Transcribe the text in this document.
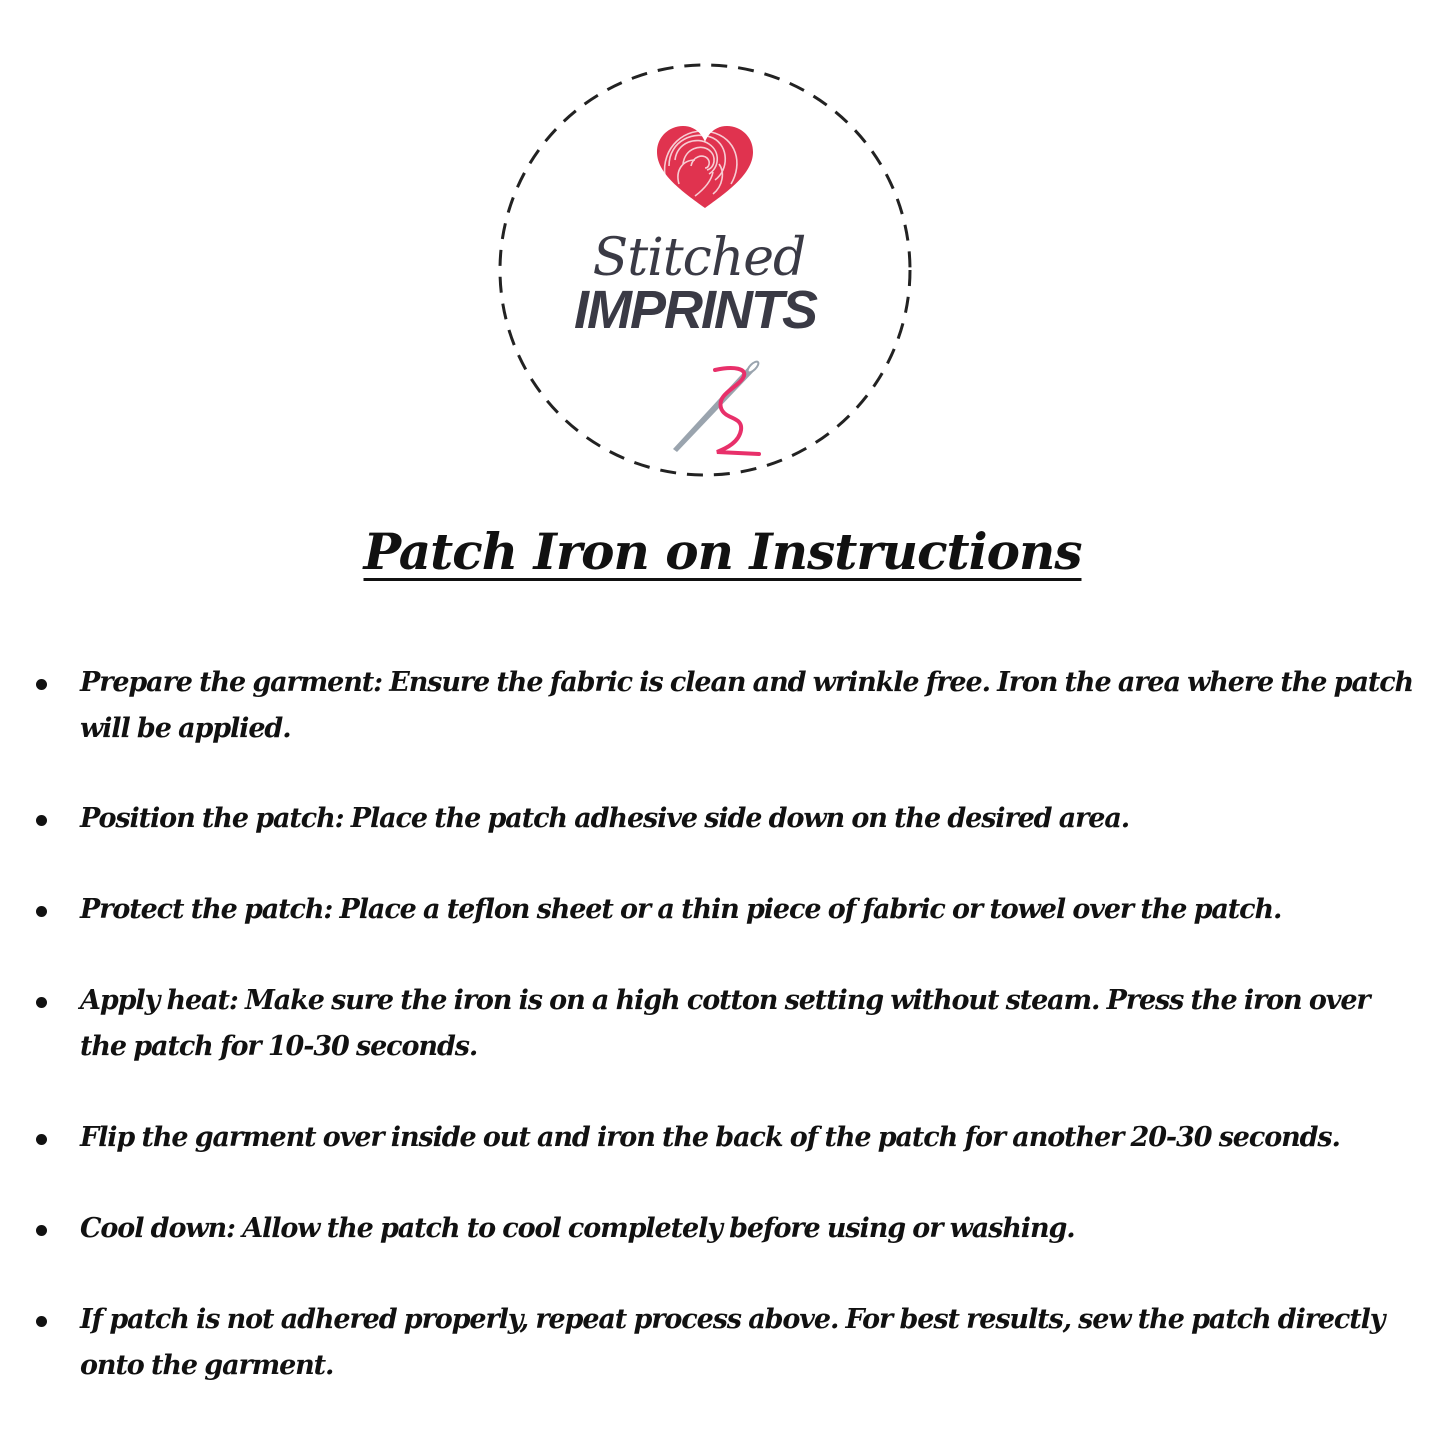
Stitched
IMPRINTS
Patch Iron on Instructions
Prepare the garment: Ensure the fabric is clean and wrinkle free. Iron the area where the patch will be applied.
Position the patch: Place the patch adhesive side down on the desired area.
Protect the patch: Place a teflon sheet or a thin piece of fabric or towel over the patch.
Apply heat: Make sure the iron is on a high cotton setting without steam. Press the iron over the patch for 10-30 seconds.
Flip the garment over inside out and iron the back of the patch for another 20-30 seconds.
Cool down: Allow the patch to cool completely before using or washing.
If patch is not adhered properly, repeat process above. For best results, sew the patch directly onto the garment.
